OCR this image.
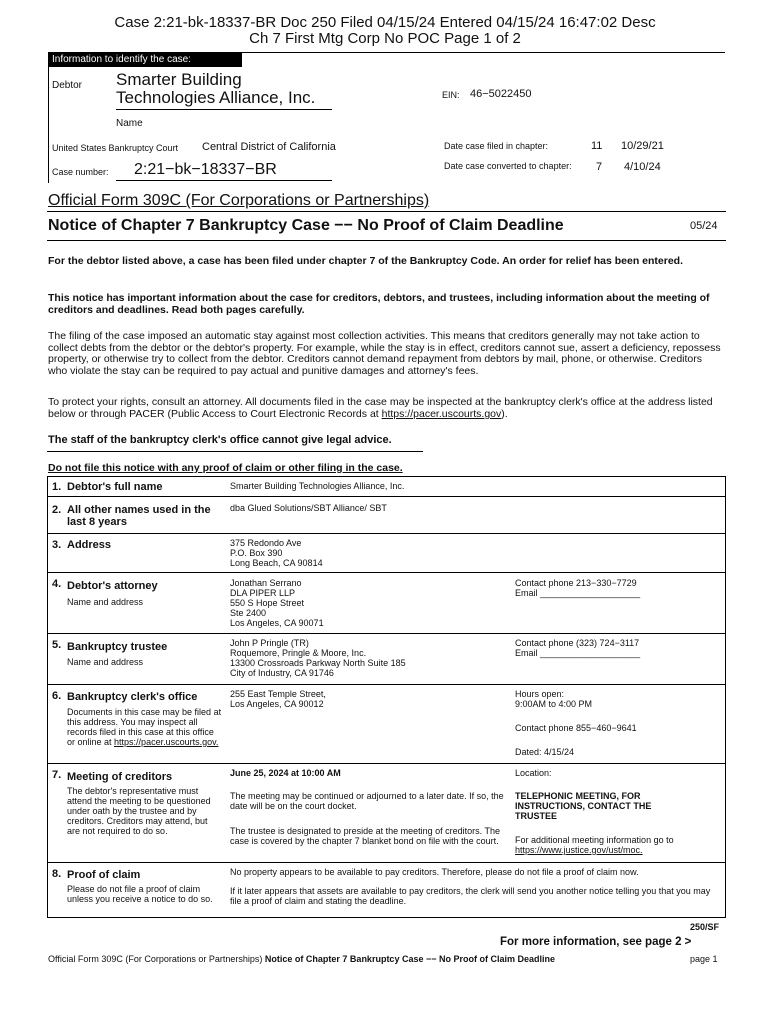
Case 2:21-bk-18337-BR Doc 250 Filed 04/15/24 Entered 04/15/24 16:47:02 Desc
Ch 7 First Mtg Corp No POC Page 1 of 2
Information to identify the case:
Debtor Smarter Building Technologies Alliance, Inc.
Name
EIN: 46−5022450
United States Bankruptcy Court Central District of California
Case number: 2:21−bk−18337−BR
Date case filed in chapter:	11 10/29/21
Date case converted to chapter: 7 4/10/24
Official Form 309C (For Corporations or Partnerships)
Notice of Chapter 7 Bankruptcy Case −− No Proof of Claim Deadline	05/24
For the debtor listed above, a case has been filed under chapter 7 of the Bankruptcy Code. An order for relief has been entered.
This notice has important information about the case for creditors, debtors, and trustees, including information about the meeting of creditors and deadlines. Read both pages carefully.
The filing of the case imposed an automatic stay against most collection activities. This means that creditors generally may not take action to collect debts from the debtor or the debtor's property. For example, while the stay is in effect, creditors cannot sue, assert a deficiency, repossess property, or otherwise try to collect from the debtor. Creditors cannot demand repayment from debtors by mail, phone, or otherwise. Creditors who violate the stay can be required to pay actual and punitive damages and attorney's fees.
To protect your rights, consult an attorney. All documents filed in the case may be inspected at the bankruptcy clerk's office at the address listed below or through PACER (Public Access to Court Electronic Records at https://pacer.uscourts.gov).
The staff of the bankruptcy clerk's office cannot give legal advice.
Do not file this notice with any proof of claim or other filing in the case.
1. Debtor's full name	Smarter Building Technologies Alliance, Inc.
2. All other names used in the last 8 years
dba Glued Solutions/SBT Alliance/ SBT
3. Address	375 Redondo Ave
P.O. Box 390
Long Beach, CA 90814
4. Debtor's attorney
Name and address
Jonathan Serrano
DLA PIPER LLP
550 S Hope Street
Ste 2400
Los Angeles, CA 90071
Contact phone 213−330−7729
Email ____________________
5. Bankruptcy trustee
Name and address
John P Pringle (TR)
Roquemore, Pringle & Moore, Inc.
13300 Crossroads Parkway North Suite 185
City of Industry, CA 91746
Contact phone (323) 724−3117
Email ____________________
6. Bankruptcy clerk's office
Documents in this case may be filed at this address. You may inspect all records filed in this case at this office or online at https://pacer.uscourts.gov.
255 East Temple Street,
Los Angeles, CA 90012
Hours open:
9:00AM to 4:00 PM
Contact phone 855−460−9641
Dated: 4/15/24
7. Meeting of creditors
The debtor's representative must attend the meeting to be questioned under oath by the trustee and by creditors. Creditors may attend, but are not required to do so.
June 25, 2024 at 10:00 AM
The meeting may be continued or adjourned to a later date. If so, the date will be on the court docket.
The trustee is designated to preside at the meeting of creditors. The case is covered by the chapter 7 blanket bond on file with the court.
Location:
TELEPHONIC MEETING, FOR INSTRUCTIONS, CONTACT THE TRUSTEE
For additional meeting information go to
https://www.justice.gov/ust/moc.
8. Proof of claim
Please do not file a proof of claim unless you receive a notice to do so.
No property appears to be available to pay creditors. Therefore, please do not file a proof of claim now.
If it later appears that assets are available to pay creditors, the clerk will send you another notice telling you that you may file a proof of claim and stating the deadline.
250/SF
For more information, see page 2 >
Official Form 309C (For Corporations or Partnerships) Notice of Chapter 7 Bankruptcy Case −− No Proof of Claim Deadline	page 1
